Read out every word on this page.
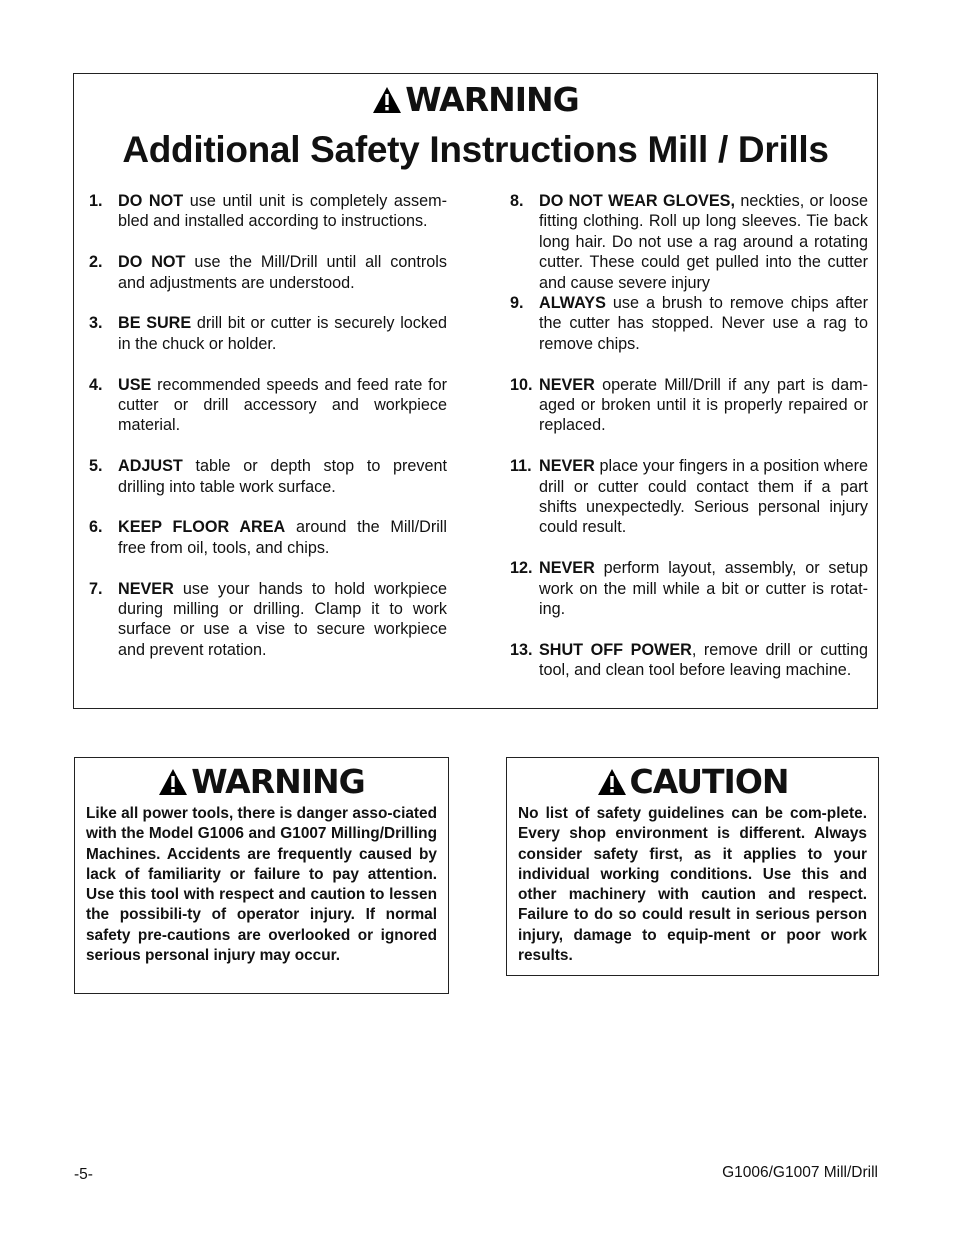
WARNING
Additional Safety Instructions Mill / Drills
1. DO NOT use until unit is completely assem-bled and installed according to instructions.
2. DO NOT use the Mill/Drill until all controls and adjustments are understood.
3. BE SURE drill bit or cutter is securely locked in the chuck or holder.
4. USE recommended speeds and feed rate for cutter or drill accessory and workpiece material.
5. ADJUST table or depth stop to prevent drilling into table work surface.
6. KEEP FLOOR AREA around the Mill/Drill free from oil, tools, and chips.
7. NEVER use your hands to hold workpiece during milling or drilling. Clamp it to work surface or use a vise to secure workpiece and prevent rotation.
8. DO NOT WEAR GLOVES, neckties, or loose fitting clothing. Roll up long sleeves. Tie back long hair. Do not use a rag around a rotating cutter. These could get pulled into the cutter and cause severe injury
9. ALWAYS use a brush to remove chips after the cutter has stopped. Never use a rag to remove chips.
10. NEVER operate Mill/Drill if any part is dam-aged or broken until it is properly repaired or replaced.
11. NEVER place your fingers in a position where drill or cutter could contact them if a part shifts unexpectedly. Serious personal injury could result.
12. NEVER perform layout, assembly, or setup work on the mill while a bit or cutter is rotat-ing.
13. SHUT OFF POWER, remove drill or cutting tool, and clean tool before leaving machine.
WARNING
Like all power tools, there is danger asso-ciated with the Model G1006 and G1007 Milling/Drilling Machines. Accidents are frequently caused by lack of familiarity or failure to pay attention. Use this tool with respect and caution to lessen the possibili-ty of operator injury. If normal safety pre-cautions are overlooked or ignored serious personal injury may occur.
CAUTION
No list of safety guidelines can be com-plete. Every shop environment is different. Always consider safety first, as it applies to your individual working conditions. Use this and other machinery with caution and respect. Failure to do so could result in serious person injury, damage to equip-ment or poor work results.
-5-	G1006/G1007 Mill/Drill
